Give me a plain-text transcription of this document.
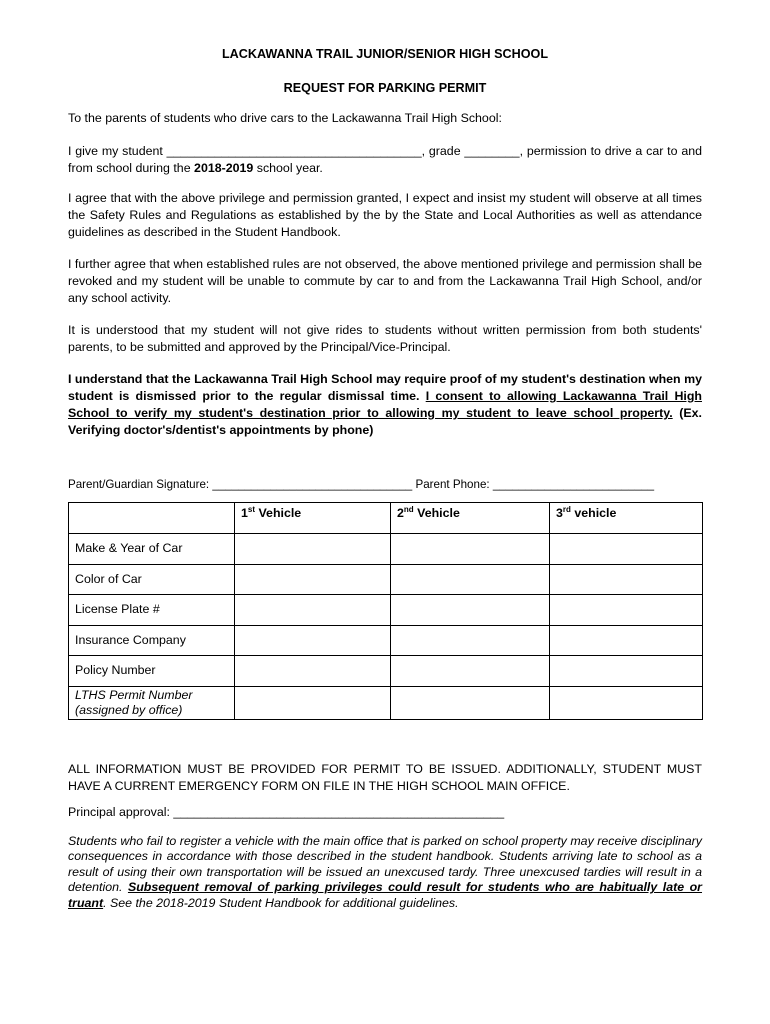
LACKAWANNA TRAIL JUNIOR/SENIOR HIGH SCHOOL
REQUEST FOR PARKING PERMIT

To the parents of students who drive cars to the Lackawanna Trail High School:

I give my student _____________________________________, grade ________, permission to drive a car to and from school during the 2018-2019 school year.

I agree that with the above privilege and permission granted, I expect and insist my student will observe at all times the Safety Rules and Regulations as established by the by the State and Local Authorities as well as attendance guidelines as described in the Student Handbook.

I further agree that when established rules are not observed, the above mentioned privilege and permission shall be revoked and my student will be unable to commute by car to and from the Lackawanna Trail High School, and/or any school activity.

It is understood that my student will not give rides to students without written permission from both students' parents, to be submitted and approved by the Principal/Vice-Principal.

I understand that the Lackawanna Trail High School may require proof of my student's destination when my student is dismissed prior to the regular dismissal time. I consent to allowing Lackawanna Trail High School to verify my student's destination prior to allowing my student to leave school property. (Ex. Verifying doctor's/dentist's appointments by phone)

Parent/Guardian Signature: _______________________________ Parent Phone: _________________________
	1st Vehicle	2nd Vehicle	3rd vehicle
Make & Year of Car			
Color of Car			
License Plate #			
Insurance Company			
Policy Number			
LTHS Permit Number
(assigned by office)			
ALL INFORMATION MUST BE PROVIDED FOR PERMIT TO BE ISSUED. ADDITIONALLY, STUDENT MUST HAVE A CURRENT EMERGENCY FORM ON FILE IN THE HIGH SCHOOL MAIN OFFICE.
Principal approval: ________________________________________________
Students who fail to register a vehicle with the main office that is parked on school property may receive disciplinary consequences in accordance with those described in the student handbook. Students arriving late to school as a result of using their own transportation will be issued an unexcused tardy. Three unexcused tardies will result in a detention. Subsequent removal of parking privileges could result for students who are habitually late or truant. See the 2018-2019 Student Handbook for additional guidelines.
